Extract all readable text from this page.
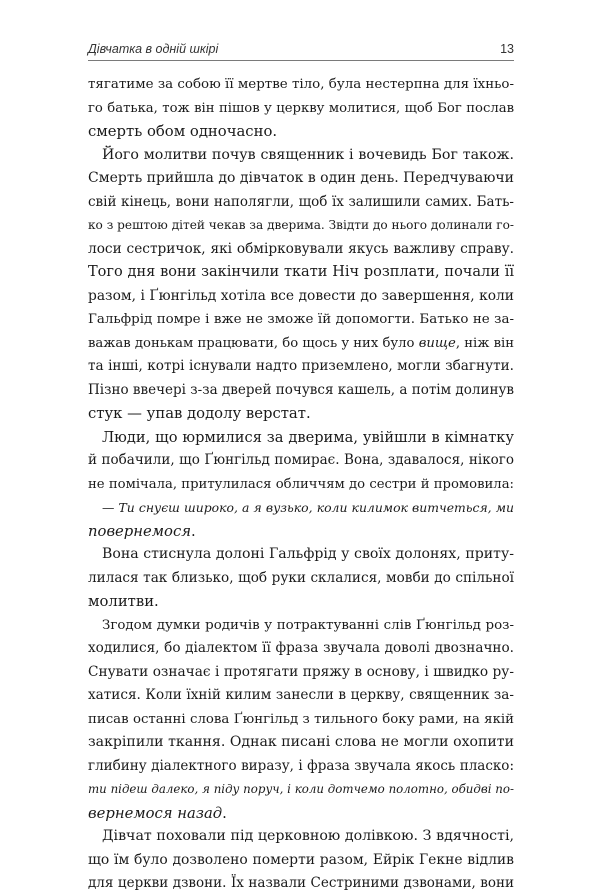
Дівчатка в одній шкірі	13
тягатиме за собою її мертве тіло, була нестерпна для їхньо-
го батька, тож він пішов у церкву молитися, щоб Бог послав
смерть обом одночасно.
Його молитви почув священник і вочевидь Бог також.
Смерть прийшла до дівчаток в один день. Передчуваючи
свій кінець, вони наполягли, щоб їх залишили самих. Бать-
ко з рештою дітей чекав за дверима. Звідти до нього долинали го-
лоси сестричок, які обмірковували якусь важливу справу.
Того дня вони закінчили ткати Ніч розплати, почали її
разом, і Ґюнгільд хотіла все довести до завершення, коли
Гальфрід помре і вже не зможе їй допомогти. Батько не за-
важав донькам працювати, бо щось у них було вище, ніж він
та інші, котрі існували надто приземлено, могли збагнути.
Пізно ввечері з-за дверей почувся кашель, а потім долинув
стук — упав додолу верстат.
Люди, що юрмилися за дверима, увійшли в кімнатку
й побачили, що Ґюнгільд помирає. Вона, здавалося, нікого
не помічала, притулилася обличчям до сестри й промовила:
— Ти снуєш широко, а я вузько, коли килимок витчеться, ми
повернемося.
Вона стиснула долоні Гальфрід у своїх долонях, приту-
лилася так близько, щоб руки склалися, мовби до спільної
молитви.
Згодом думки родичів у потрактуванні слів Ґюнгільд роз-
ходилися, бо діалектом її фраза звучала доволі двозначно.
Снувати означає і протягати пряжу в основу, і швидко ру-
хатися. Коли їхній килим занесли в церкву, священник за-
писав останні слова Ґюнгільд з тильного боку рами, на якій
закріпили ткання. Однак писані слова не могли охопити
глибину діалектного виразу, і фраза звучала якось пласко:
ти підеш далеко, я піду поруч, і коли дотчемо полотно, обидві по-
вернемося назад.
Дівчат поховали під церковною долівкою. З вдячності,
що їм було дозволено померти разом, Ейрік Гекне відлив
для церкви дзвони. Їх назвали Сестриними дзвонами, вони
